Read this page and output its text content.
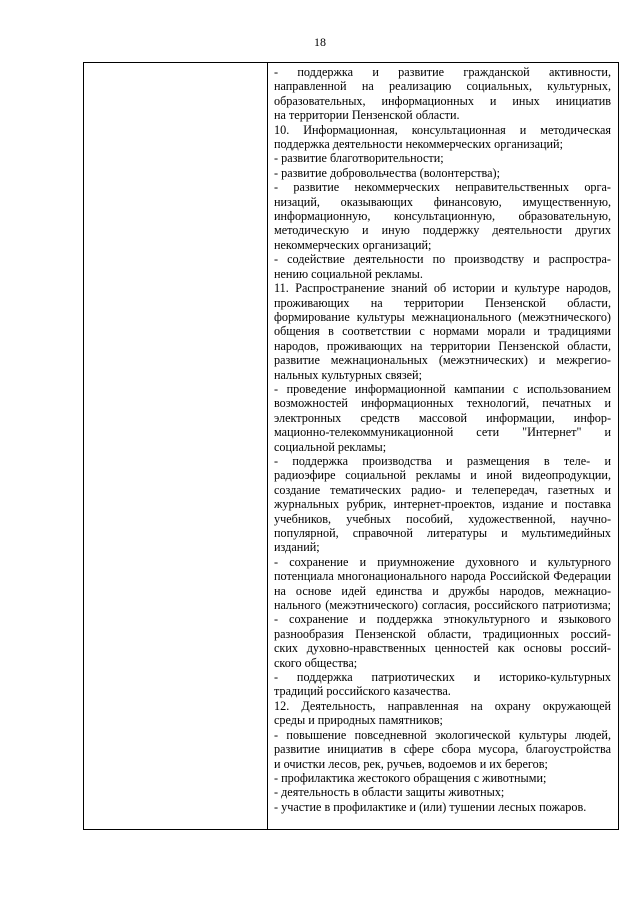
18

- поддержка и развитие гражданской активности,
направленной на реализацию социальных, культурных,
образовательных, информационных и иных инициатив
на территории Пензенской области.
10. Информационная, консультационная и методическая
поддержка деятельности некоммерческих организаций;
- развитие благотворительности;
- развитие добровольчества (волонтерства);
- развитие некоммерческих неправительственных орга-
низаций, оказывающих финансовую, имущественную,
информационную, консультационную, образовательную,
методическую и иную поддержку деятельности других
некоммерческих организаций;
- содействие деятельности по производству и распростра-
нению социальной рекламы.
11. Распространение знаний об истории и культуре народов,
проживающих на территории Пензенской области,
формирование культуры межнационального (межэтнического)
общения в соответствии с нормами морали и традициями
народов, проживающих на территории Пензенской области,
развитие межнациональных (межэтнических) и межрегио-
нальных культурных связей;
- проведение информационной кампании с использованием
возможностей информационных технологий, печатных и
электронных средств массовой информации, инфор-
мационно-телекоммуникационной сети "Интернет" и
социальной рекламы;
- поддержка производства и размещения в теле- и
радиоэфире социальной рекламы и иной видеопродукции,
создание тематических радио- и телепередач, газетных и
журнальных рубрик, интернет-проектов, издание и поставка
учебников, учебных пособий, художественной, научно-
популярной, справочной литературы и мультимедийных
изданий;
- сохранение и приумножение духовного и культурного
потенциала многонационального народа Российской Федерации
на основе идей единства и дружбы народов, межнацио-
нального (межэтнического) согласия, российского патриотизма;
- сохранение и поддержка этнокультурного и языкового
разнообразия Пензенской области, традиционных россий-
ских духовно-нравственных ценностей как основы россий-
ского общества;
- поддержка патриотических и историко-культурных
традиций российского казачества.
12. Деятельность, направленная на охрану окружающей
среды и природных памятников;
- повышение повседневной экологической культуры людей,
развитие инициатив в сфере сбора мусора, благоустройства
и очистки лесов, рек, ручьев, водоемов и их берегов;
- профилактика жестокого обращения с животными;
- деятельность в области защиты животных;
- участие в профилактике и (или) тушении лесных пожаров.
